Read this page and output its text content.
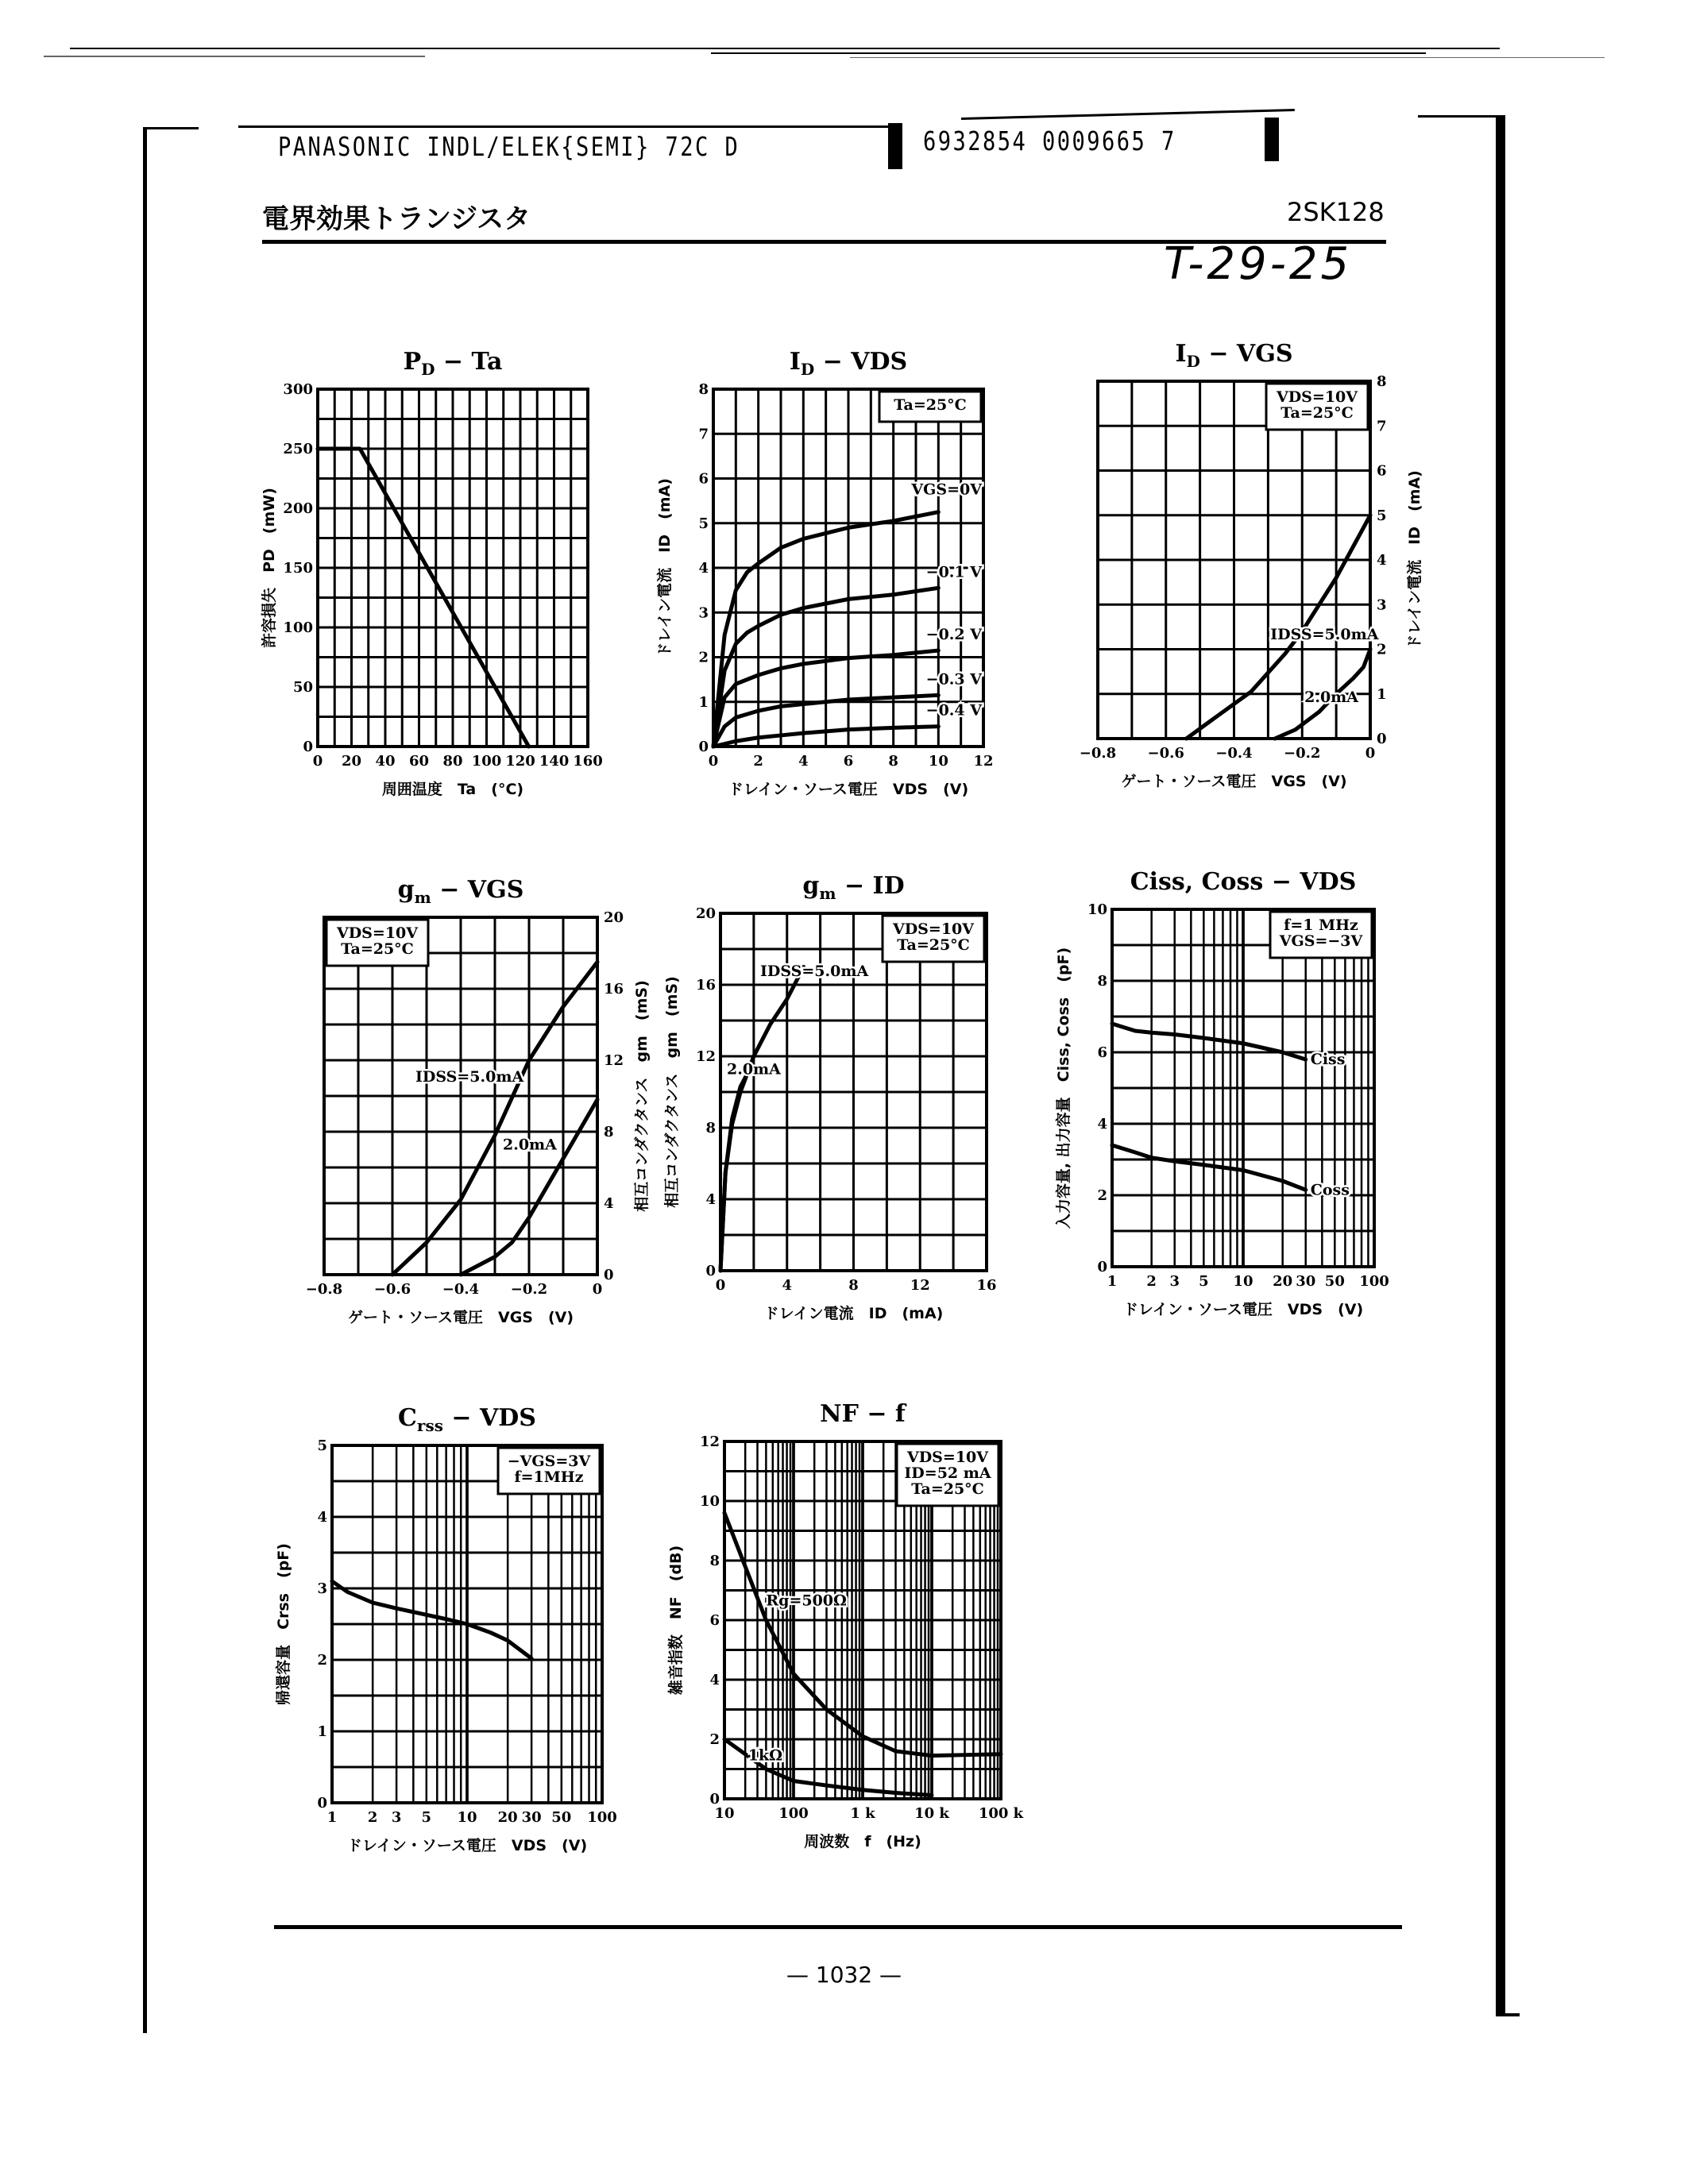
PANASONIC INDL/ELEK{SEMI} 72C D	6932854 0009665 7
電界効果トランジスタ	2SK128
T-29-25
$P_D - Ta$
0 20 40 60 80 100 120 140 160
0
50
100
150
200
250
300
周囲温度　Ta　(°C)
許容損失　PD　(mW)
$I_D$ − VDS
Ta=25°C
VGS=0V
−0.1 V
−0.2 V
−0.3 V
−0.4 V
0 2 4 6 8 10 12
0
1
2
3
4
5
6
7
8
ドレイン・ソース電圧　VDS　(V)
ドレイン電流　ID　(mA)
$I_D$ − VGS
VDS=10V
Ta=25°C
IDSS=5.0mA
2.0mA
−0.8 −0.6 −0.4 −0.2	0
0
1
2
3
4
5
6
7
8
ゲート・ソース電圧　VGS　(V)
ドレイン電流　ID　(mA)
$g_m$ − VGS
VDS=10V
Ta=25°C
IDSS=5.0mA
2.0mA
−0.8 −0.6 −0.4 −0.2	0
0
4
8
12
16
20
ゲート・ソース電圧　VGS　(V)
相互コンダクタンス　gm　(mS)
$g_m$ − ID
VDS=10V
Ta=25°C
IDSS=5.0mA
2.0mA
0	4	8	12	16
0
4
8
12
16
20
ドレイン電流　ID　(mA)
相互コンダクタンス　gm　(mS)
Ciss, Coss − VDS
f=1 MHz
VGS=−3V
Ciss
Coss
1 2 3 5 10 20 30 50 100
0
2
4
6
8
10
ドレイン・ソース電圧　VDS　(V)
入力容量, 出力容量　Ciss, Coss　(pF)
$C_{rss}$ − VDS
−VGS=3V
f=1MHz
1 2 3 5 10 20 30 50 100
0
1
2
3
4
5
ドレイン・ソース電圧　VDS　(V)
帰還容量　Crss　(pF)
NF − f
VDS=10V
ID=52 mA
Ta=25°C
Rg=500Ω
1kΩ
10	100	1 k	10 k 100 k
0
2
4
6
8
10
12
周波数　f　(Hz)
雑音指数　NF　(dB)
— 1032 —
